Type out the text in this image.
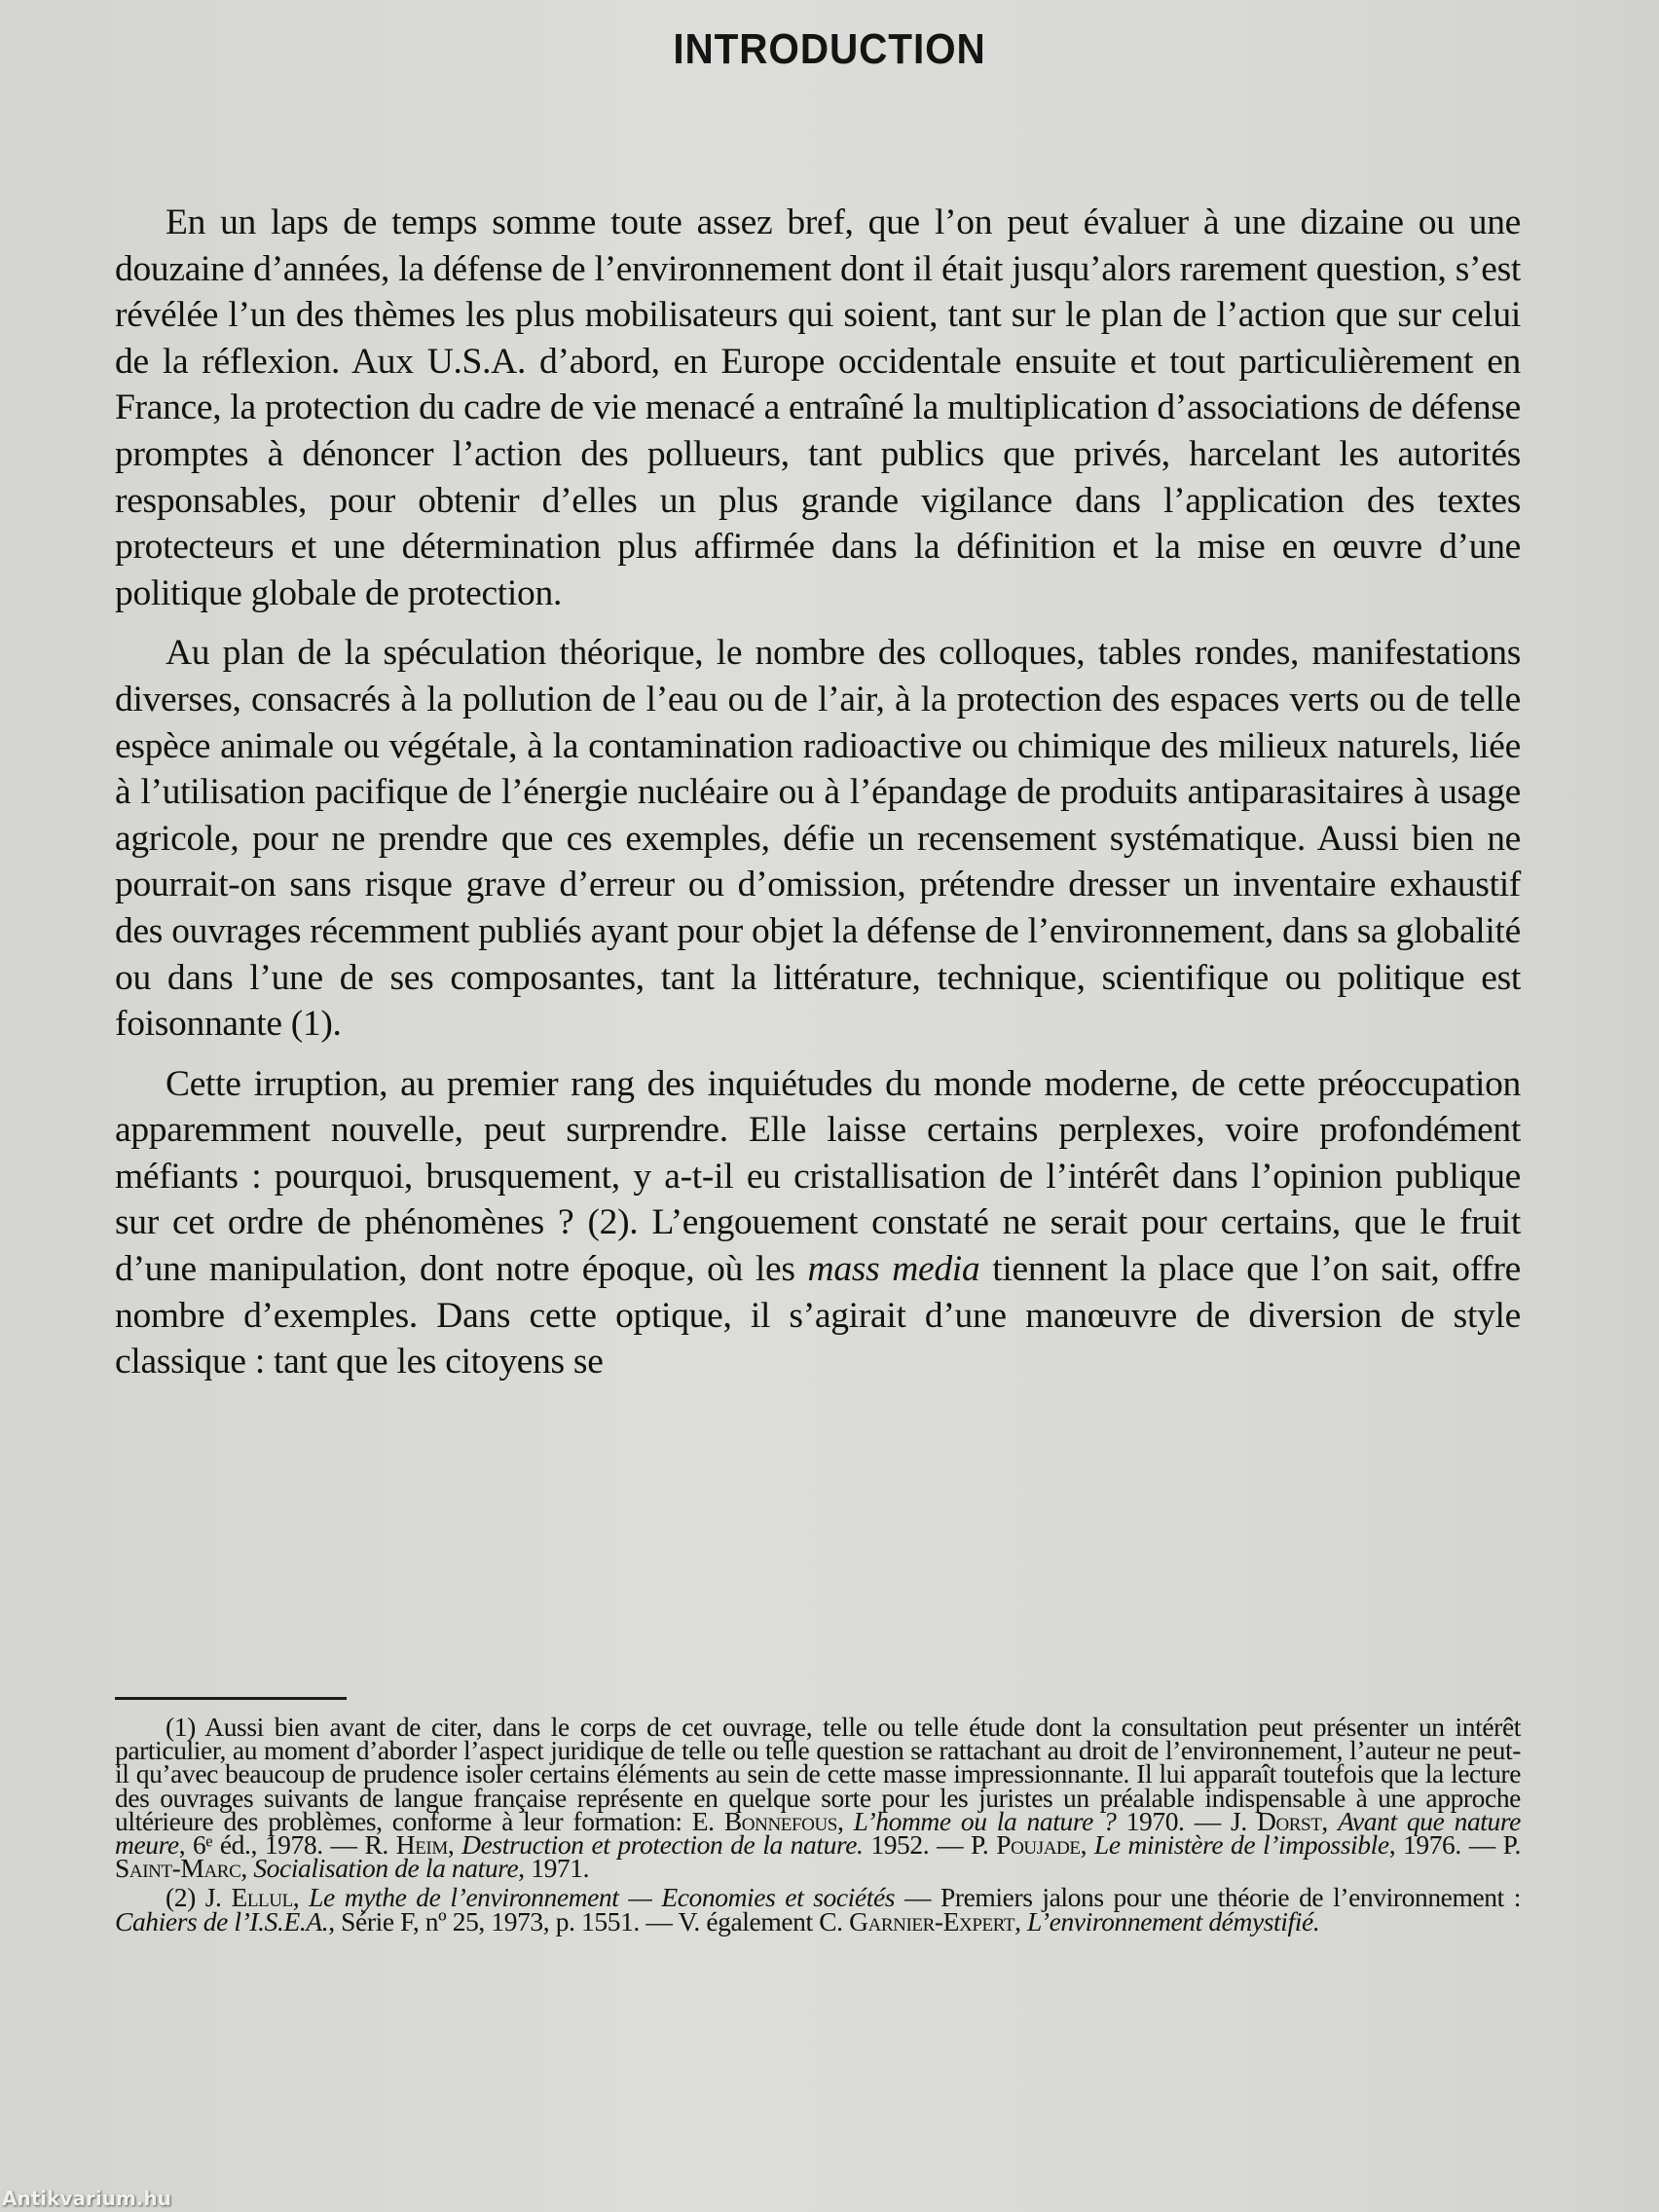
INTRODUCTION

En un laps de temps somme toute assez bref, que l’on peut évaluer à une dizaine ou une douzaine d’années, la défense de l’environnement dont il était jusqu’alors rarement question, s’est révélée l’un des thèmes les plus mobilisateurs qui soient, tant sur le plan de l’action que sur celui de la réflexion. Aux U.S.A. d’abord, en Europe occidentale ensuite et tout particulièrement en France, la protection du cadre de vie menacé a entraîné la multiplication d’associations de défense promptes à dénoncer l’action des pollueurs, tant publics que privés, harcelant les autorités responsables, pour obtenir d’elles un plus grande vigilance dans l’application des textes protecteurs et une détermination plus affirmée dans la définition et la mise en œuvre d’une politique globale de protection.

Au plan de la spéculation théorique, le nombre des colloques, tables rondes, manifestations diverses, consacrés à la pollution de l’eau ou de l’air, à la protection des espaces verts ou de telle espèce animale ou végétale, à la contamination radioactive ou chimique des milieux naturels, liée à l’utilisation pacifique de l’énergie nucléaire ou à l’épandage de produits antiparasitaires à usage agricole, pour ne prendre que ces exemples, défie un recensement systématique. Aussi bien ne pourrait-on sans risque grave d’erreur ou d’omission, prétendre dresser un inventaire exhaustif des ouvrages récemment publiés ayant pour objet la défense de l’environnement, dans sa globalité ou dans l’une de ses composantes, tant la littérature, technique, scientifique ou politique est foisonnante (1).

Cette irruption, au premier rang des inquiétudes du monde moderne, de cette préoccupation apparemment nouvelle, peut surprendre. Elle laisse certains perplexes, voire profondément méfiants : pourquoi, brusquement, y a-t-il eu cristallisation de l’intérêt dans l’opinion publique sur cet ordre de phénomènes ? (2). L’engouement constaté ne serait pour certains, que le fruit d’une manipulation, dont notre époque, où les mass media tiennent la place que l’on sait, offre nombre d’exemples. Dans cette optique, il s’agirait d’une manœuvre de diversion de style classique : tant que les citoyens se

(1) Aussi bien avant de citer, dans le corps de cet ouvrage, telle ou telle étude dont la consultation peut présenter un intérêt particulier, au moment d’aborder l’aspect juridique de telle ou telle question se rattachant au droit de l’environnement, l’auteur ne peut-il qu’avec beaucoup de prudence isoler certains éléments au sein de cette masse impressionnante. Il lui apparaît toutefois que la lecture des ouvrages suivants de langue française représente en quelque sorte pour les juristes un préalable indispensable à une approche ultérieure des problèmes, conforme à leur formation: E. Bonnefous, L’homme ou la nature ? 1970. — J. Dorst, Avant que nature meure, 6ᵉ éd., 1978. — R. Heim, Destruction et protection de la nature. 1952. — P. Poujade, Le ministère de l’impossible, 1976. — P. Saint-Marc, Socialisation de la nature, 1971.

(2) J. Ellul, Le mythe de l’environnement — Economies et sociétés — Premiers jalons pour une théorie de l’environnement : Cahiers de l’I.S.E.A., Série F, nº 25, 1973, p. 1551. — V. également C. Garnier-Expert, L’environnement démystifié.

Antikvarium.hu
